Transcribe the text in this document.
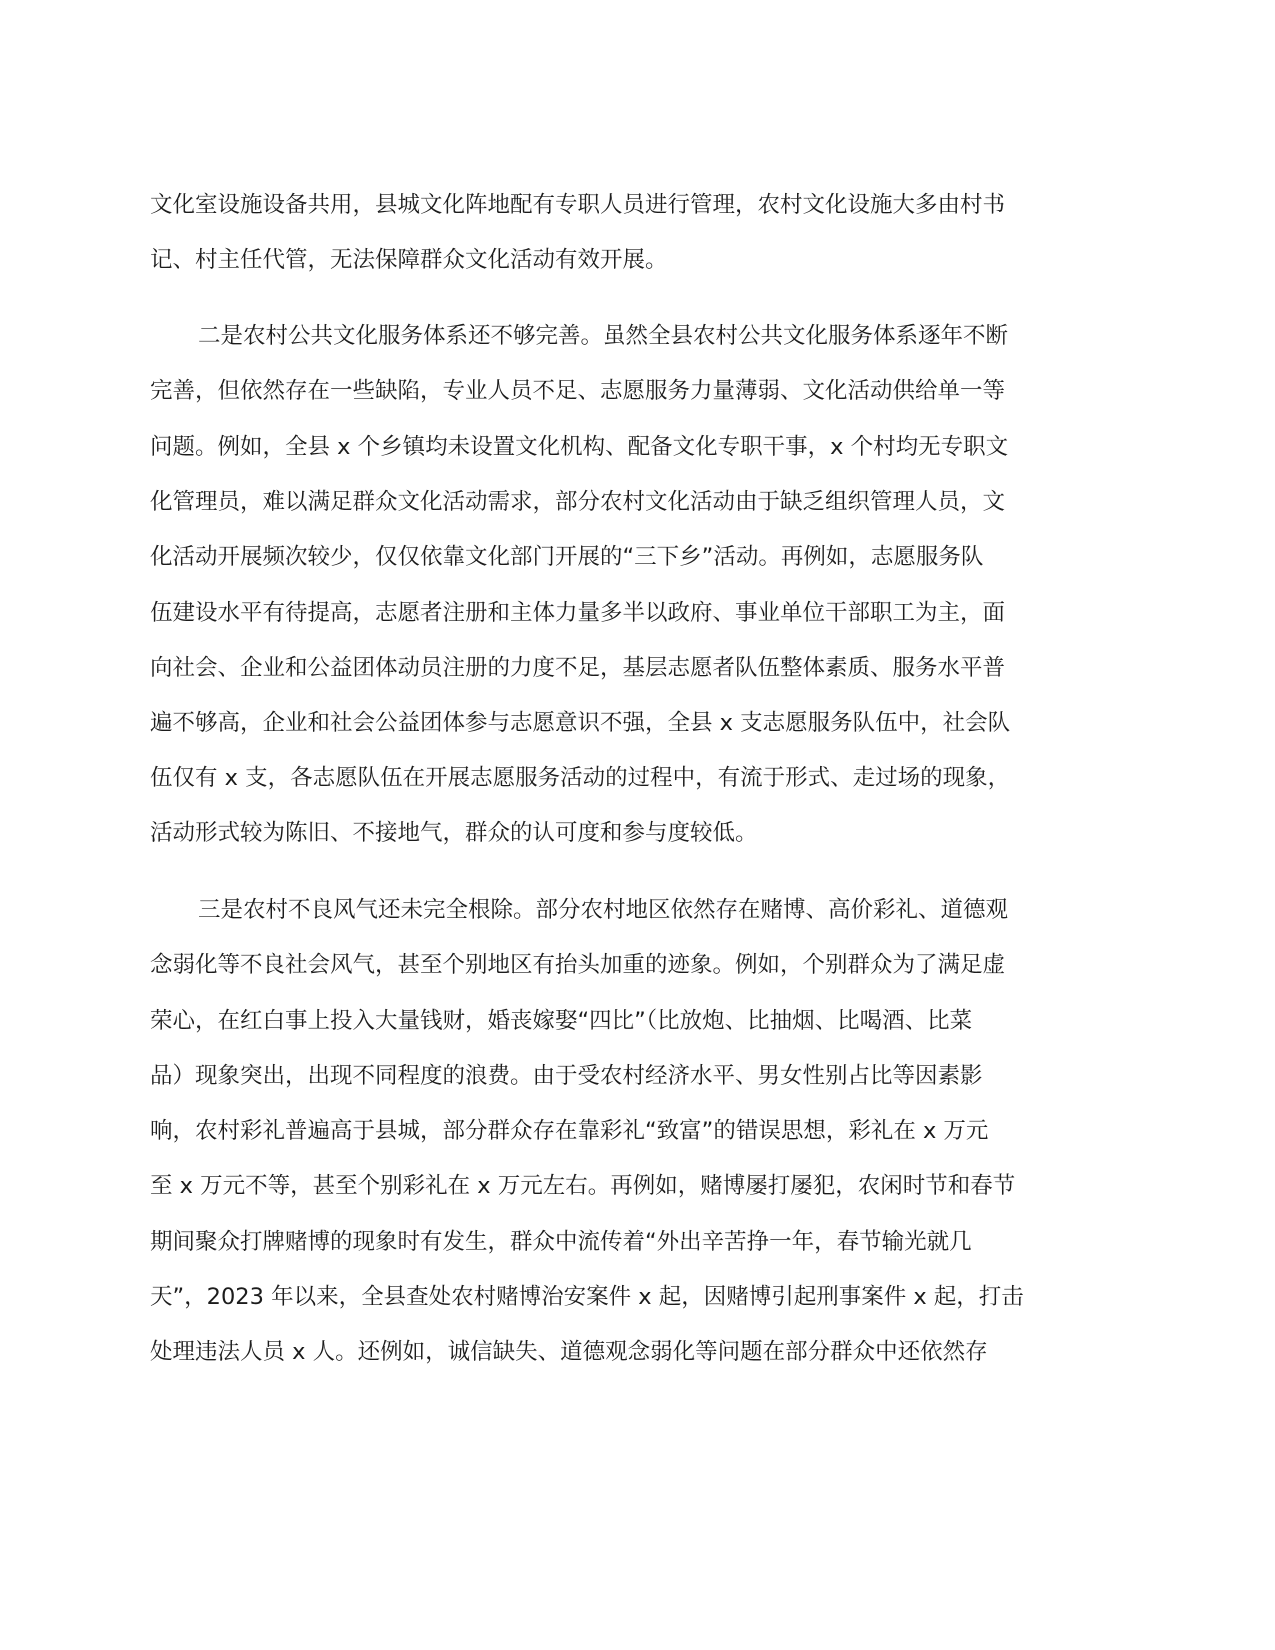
文化室设施设备共用，县城文化阵地配有专职人员进行管理，农村文化设施大多由村书
记、村主任代管，无法保障群众文化活动有效开展。
二是农村公共文化服务体系还不够完善。虽然全县农村公共文化服务体系逐年不断
完善，但依然存在一些缺陷，专业人员不足、志愿服务力量薄弱、文化活动供给单一等
问题。例如，全县 x 个乡镇均未设置文化机构、配备文化专职干事，x 个村均无专职文
化管理员，难以满足群众文化活动需求，部分农村文化活动由于缺乏组织管理人员，文
化活动开展频次较少，仅仅依靠文化部门开展的“三下乡”活动。再例如，志愿服务队
伍建设水平有待提高，志愿者注册和主体力量多半以政府、事业单位干部职工为主，面
向社会、企业和公益团体动员注册的力度不足，基层志愿者队伍整体素质、服务水平普
遍不够高，企业和社会公益团体参与志愿意识不强，全县 x 支志愿服务队伍中，社会队
伍仅有 x 支，各志愿队伍在开展志愿服务活动的过程中，有流于形式、走过场的现象，
活动形式较为陈旧、不接地气，群众的认可度和参与度较低。
三是农村不良风气还未完全根除。部分农村地区依然存在赌博、高价彩礼、道德观
念弱化等不良社会风气，甚至个别地区有抬头加重的迹象。例如，个别群众为了满足虚
荣心，在红白事上投入大量钱财，婚丧嫁娶“四比”（比放炮、比抽烟、比喝酒、比菜
品）现象突出，出现不同程度的浪费。由于受农村经济水平、男女性别占比等因素影
响，农村彩礼普遍高于县城，部分群众存在靠彩礼“致富”的错误思想，彩礼在 x 万元
至 x 万元不等，甚至个别彩礼在 x 万元左右。再例如，赌博屡打屡犯，农闲时节和春节
期间聚众打牌赌博的现象时有发生，群众中流传着“外出辛苦挣一年，春节输光就几
天”，2023 年以来，全县查处农村赌博治安案件 x 起，因赌博引起刑事案件 x 起，打击
处理违法人员 x 人。还例如，诚信缺失、道德观念弱化等问题在部分群众中还依然存
